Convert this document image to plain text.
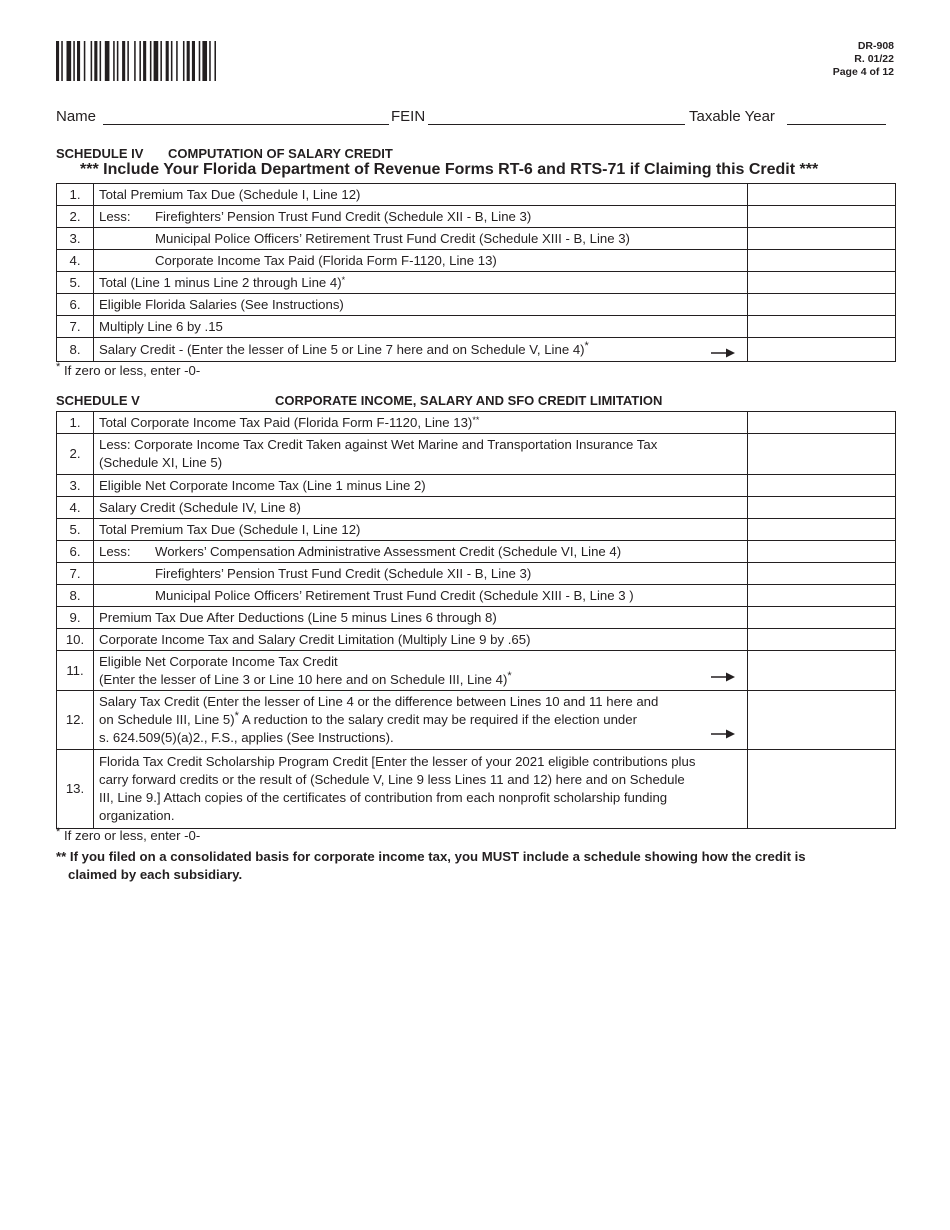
DR-908
R. 01/22
Page 4 of 12
Name	FEIN	Taxable Year
SCHEDULE IV COMPUTATION OF SALARY CREDIT
*** Include Your Florida Department of Revenue Forms RT-6 and RTS-71 if Claiming this Credit ***
1.	Total Premium Tax Due (Schedule I, Line 12)	
2.	Less: Firefighters’ Pension Trust Fund Credit (Schedule XII - B, Line 3)	
3.	Municipal Police Officers’ Retirement Trust Fund Credit (Schedule XIII - B, Line 3)	
4.	Corporate Income Tax Paid (Florida Form F-1120, Line 13)	
5.	Total (Line 1 minus Line 2 through Line 4)*	
6.	Eligible Florida Salaries (See Instructions)	
7.	Multiply Line 6 by .15	
8.	Salary Credit - (Enter the lesser of Line 5 or Line 7 here and on Schedule V, Line 4)*

* If zero or less, enter -0-
SCHEDULE V	CORPORATE INCOME, SALARY AND SFO CREDIT LIMITATION
1.	Total Corporate Income Tax Paid (Florida Form F-1120, Line 13)**	
2.	Less: Corporate Income Tax Credit Taken against Wet Marine and Transportation Insurance Tax
(Schedule XI, Line 5)	

3.	Eligible Net Corporate Income Tax (Line 1 minus Line 2)	
4.	Salary Credit (Schedule IV, Line 8)	
5.	Total Premium Tax Due (Schedule I, Line 12)	
6.	Less: Workers’ Compensation Administrative Assessment Credit (Schedule VI, Line 4)	
7.	Firefighters’ Pension Trust Fund Credit (Schedule XII - B, Line 3)	
8.	Municipal Police Officers’ Retirement Trust Fund Credit (Schedule XIII - B, Line 3 )	
9.	Premium Tax Due After Deductions (Line 5 minus Lines 6 through 8)	
10.	Corporate Income Tax and Salary Credit Limitation (Multiply Line 9 by .65)	
11.	Eligible Net Corporate Income Tax Credit
(Enter the lesser of Line 3 or Line 10 here and on Schedule III, Line 4)*

12.	Salary Tax Credit (Enter the lesser of Line 4 or the difference between Lines 10 and 11 here and
on Schedule III, Line 5)* A reduction to the salary credit may be required if the election under
s. 624.509(5)(a)2., F.S., applies (See Instructions).	

13.	Florida Tax Credit Scholarship Program Credit [Enter the lesser of your 2021 eligible contributions plus
carry forward credits or the result of (Schedule V, Line 9 less Lines 11 and 12) here and on Schedule
III, Line 9.] Attach copies of the certificates of contribution from each nonprofit scholarship funding
organization.	

* If zero or less, enter -0-
** If you filed on a consolidated basis for corporate income tax, you MUST include a schedule showing how the credit is
claimed by each subsidiary.
